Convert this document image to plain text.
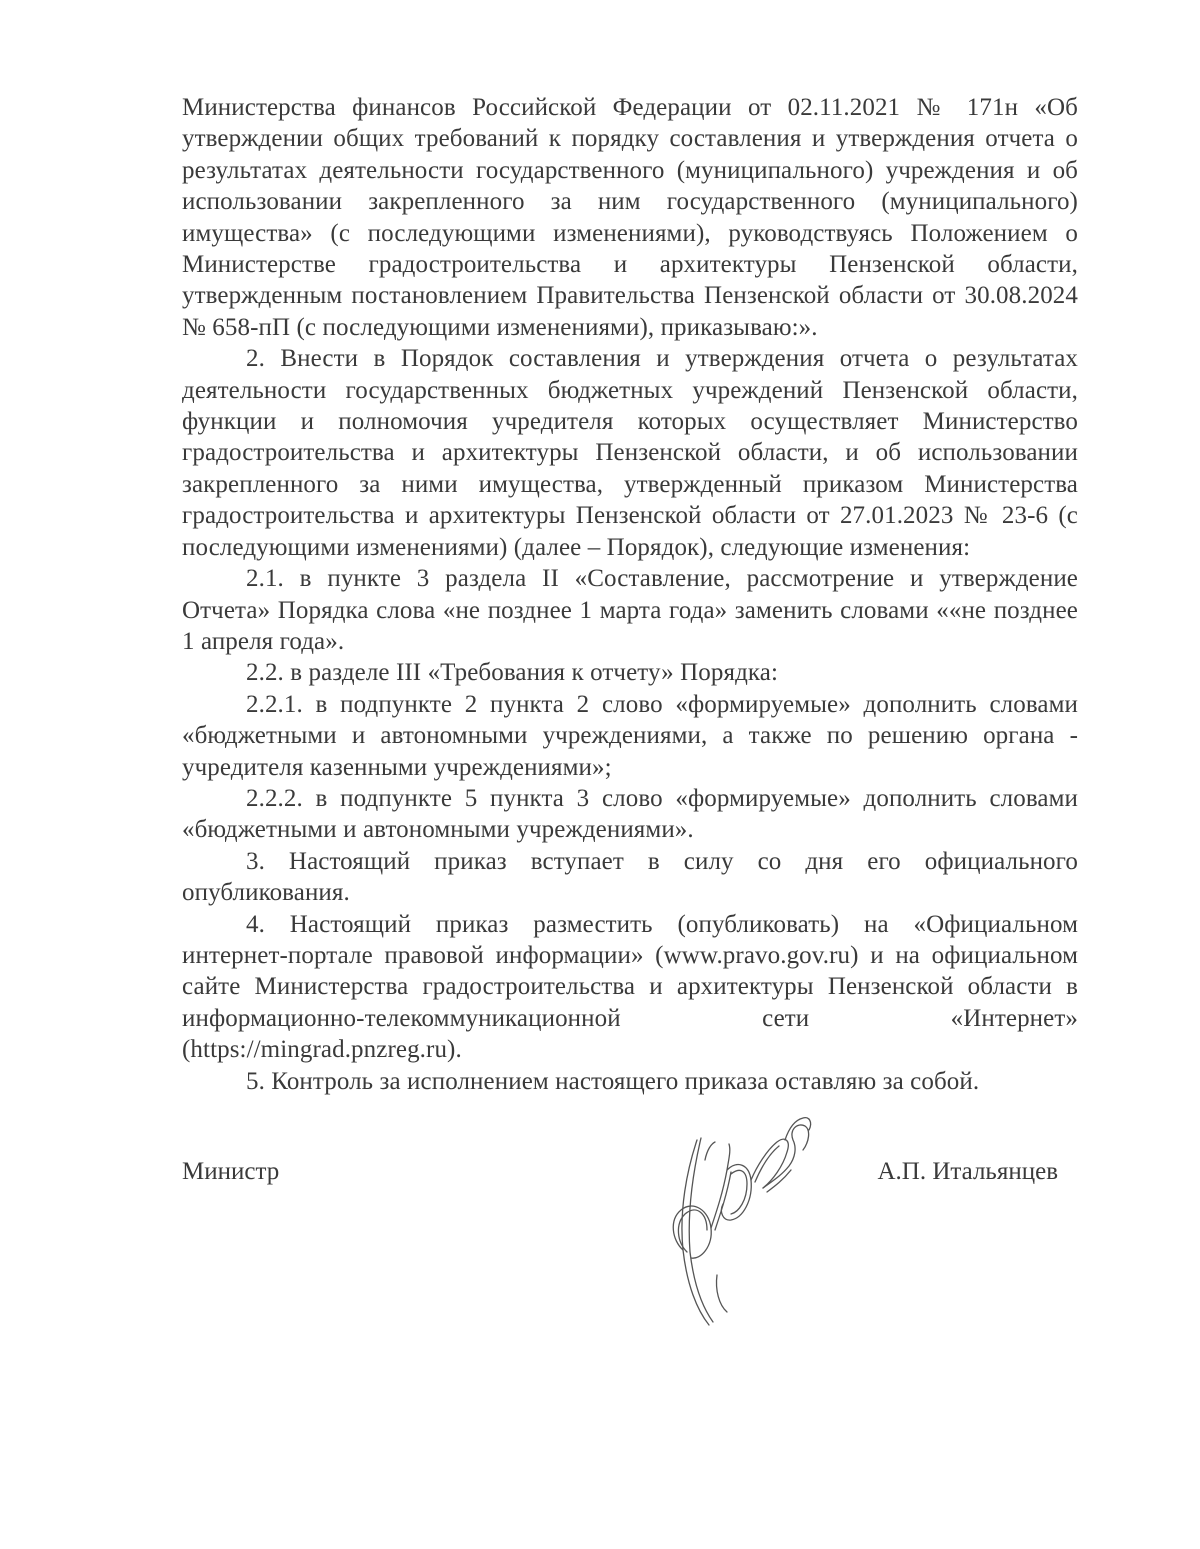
Министерства финансов Российской Федерации от 02.11.2021 № 171н «Об утверждении общих требований к порядку составления и утверждения отчета о результатах деятельности государственного (муниципального) учреждения и об использовании закрепленного за ним государственного (муниципального) имущества» (с последующими изменениями), руководствуясь Положением о Министерстве градостроительства и архитектуры Пензенской области, утвержденным постановлением Правительства Пензенской области от 30.08.2024 № 658-пП (с последующими изменениями), приказываю:».

2. Внести в Порядок составления и утверждения отчета о результатах деятельности государственных бюджетных учреждений Пензенской области, функции и полномочия учредителя которых осуществляет Министерство градостроительства и архитектуры Пензенской области, и об использовании закрепленного за ними имущества, утвержденный приказом Министерства градостроительства и архитектуры Пензенской области от 27.01.2023 № 23-6 (с последующими изменениями) (далее – Порядок), следующие изменения:

2.1. в пункте 3 раздела II «Составление, рассмотрение и утверждение Отчета» Порядка слова «не позднее 1 марта года» заменить словами ««не позднее 1 апреля года».

2.2. в разделе III «Требования к отчету» Порядка:

2.2.1. в подпункте 2 пункта 2 слово «формируемые» дополнить словами «бюджетными и автономными учреждениями, а также по решению органа - учредителя казенными учреждениями»;

2.2.2. в подпункте 5 пункта 3 слово «формируемые» дополнить словами «бюджетными и автономными учреждениями».

3. Настоящий приказ вступает в силу со дня его официального опубликования.

4. Настоящий приказ разместить (опубликовать) на «Официальном интернет-портале правовой информации» (www.pravo.gov.ru) и на официальном сайте Министерства градостроительства и архитектуры Пензенской области в информационно-телекоммуникационной сети «Интернет» (https://mingrad.pnzreg.ru).

5. Контроль за исполнением настоящего приказа оставляю за собой.

Министр	А.П. Итальянцев
